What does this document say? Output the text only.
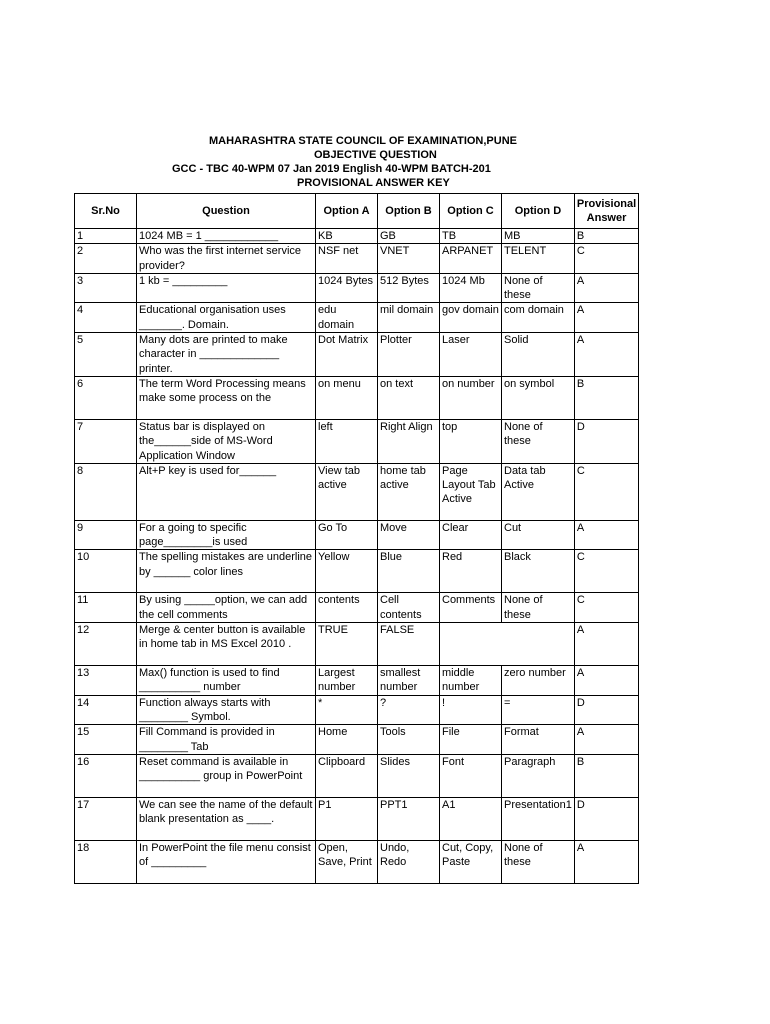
MAHARASHTRA STATE COUNCIL OF EXAMINATION,PUNE
OBJECTIVE QUESTION
GCC - TBC 40-WPM 07 Jan 2019 English 40-WPM BATCH-201
PROVISIONAL ANSWER KEY
Sr.No	Question	Option A	Option B	Option C	Option D	Provisional Answer
1	1024 MB = 1 ____________	KB	GB	TB	MB	B
2	Who was the first internet service provider?	NSF net	VNET	ARPANET	TELENT	C
3	1 kb = _________	1024 Bytes	512 Bytes	1024 Mb	None of these	A
4	Educational organisation uses _______. Domain.	edu domain	mil domain	gov domain	com domain	A
5	Many dots are printed to make character in _____________ printer.	Dot Matrix	Plotter	Laser	Solid	A
6	The term Word Processing means make some process on the	on menu	on text	on number	on symbol	B
7	Status bar is displayed on the______side of MS-Word Application Window	left	Right Align	top	None of these	D
8	Alt+P key is used for______	View tab active	home tab active	Page Layout Tab Active	Data tab Active	C
9	For a going to specific page________is used	Go To	Move	Clear	Cut	A
10	The spelling mistakes are underline by ______ color lines	Yellow	Blue	Red	Black	C
11	By using _____option, we can add the cell comments	contents	Cell contents	Comments	None of these	C
12	Merge & center button is available in home tab in MS Excel 2010 .	TRUE	FALSE			A
13	Max() function is used to find __________ number	Largest number	smallest number	middle number	zero number	A
14	Function always starts with ________ Symbol.	*	?	!	=	D
15	Fill Command is provided in ________ Tab	Home	Tools	File	Format	A
16	Reset command is available in __________ group in PowerPoint	Clipboard	Slides	Font	Paragraph	B
17	We can see the name of the default blank presentation as ____.	P1	PPT1	A1	Presentation1	D
18	In PowerPoint the file menu consist of _________	Open, Save, Print	Undo, Redo	Cut, Copy, Paste	None of these	A
